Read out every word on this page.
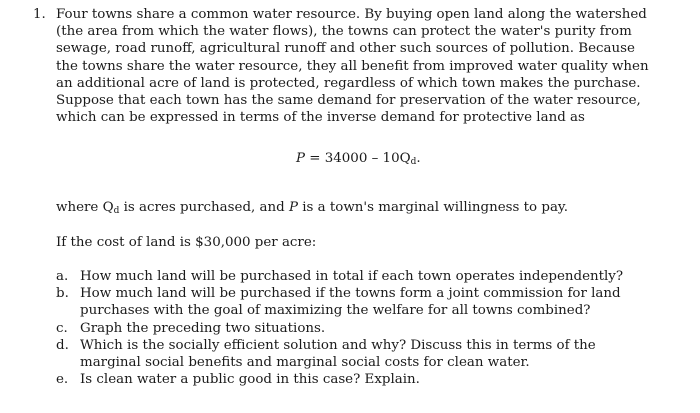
1. Four towns share a common water resource. By buying open land along the watershed
(the area from which the water flows), the towns can protect the water's purity from
sewage, road runoff, agricultural runoff and other such sources of pollution. Because
the towns share the water resource, they all benefit from improved water quality when
an additional acre of land is protected, regardless of which town makes the purchase.
Suppose that each town has the same demand for preservation of the water resource,
which can be expressed in terms of the inverse demand for protective land as
$P = 34000 - 10Q_d$.
where $Q_d$ is acres purchased, and P is a town's marginal willingness to pay.
If the cost of land is $30,000 per acre:
a. How much land will be purchased in total if each town operates independently?
b. How much land will be purchased if the towns form a joint commission for land
purchases with the goal of maximizing the welfare for all towns combined?
c. Graph the preceding two situations.
d. Which is the socially efficient solution and why? Discuss this in terms of the
marginal social benefits and marginal social costs for clean water.
e. Is clean water a public good in this case? Explain.
